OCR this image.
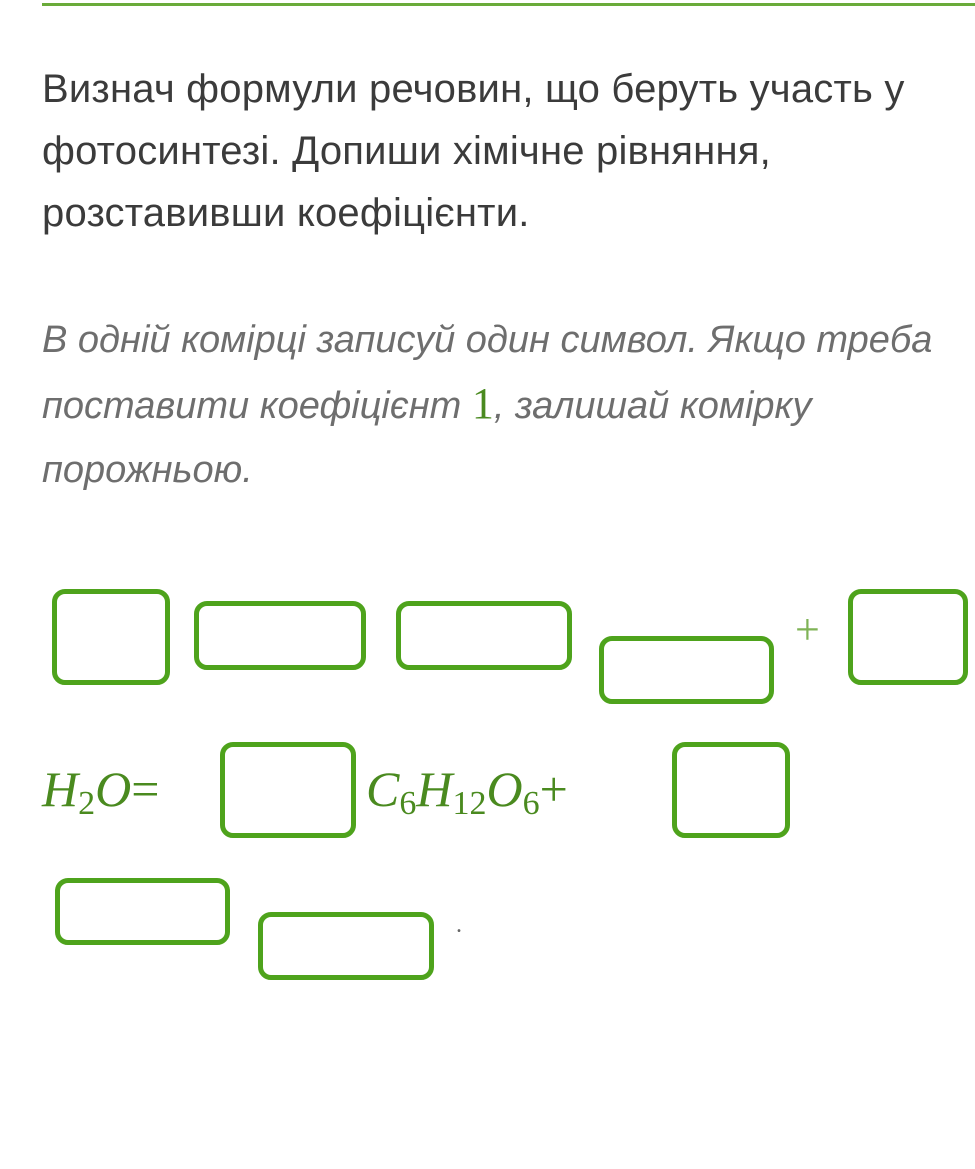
Визнач формули речовин, що беруть участь у
фотосинтезі. Допиши хімічне рівняння,
розставивши коефіцієнти.

В одній комірці записуй один символ. Якщо треба
поставити коефіцієнт 1, залишай комірку
порожньою.

+
$H_2O=$	$C_6H_{12}O_6+$
.
